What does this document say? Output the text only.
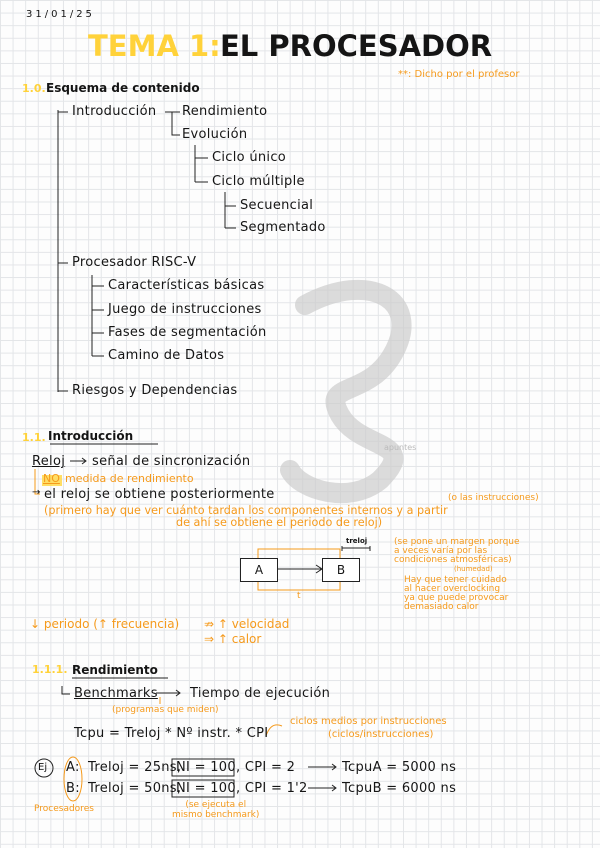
31/01/25
TEMA 1: EL PROCESADOR
**: Dicho por el profesor
1.0. Esquema de contenido
Introducción Rendimiento
Evolución
Ciclo único
Ciclo múltiple
Secuencial
Segmentado
Procesador RISC-V
Características básicas
Juego de instrucciones
Fases de segmentación
Camino de Datos
Riesgos y Dependencias
apuntes
1.1. Introducción
Reloj señal de sincronización
NO medida de rendimiento
→ el reloj se obtiene posteriormente	(o las instrucciones)
(primero hay que ver cuánto tardan los componentes internos y a partir
de ahí se obtiene el periodo de reloj)
A	B
treloj
t
(se pone un margen porque
a veces varía por las
condiciones atmosféricas)
(humedad)
Hay que tener cuidado
al hacer overclocking
ya que puede provocar
demasiado calor
↓ periodo (↑ frecuencia) ⇏ ↑ velocidad
⇒ ↑ calor
1.1.1. Rendimiento
Benchmarks Tiempo de ejecución
(programas que miden)
ciclos medios por instrucciones
(ciclos/instrucciones)
Tcpu = Treloj * Nº instr. * CPI
Ej A: Treloj = 25ns,
NI = 100 , CPI = 2	TcpuA = 5000 ns
B: Treloj = 50ns,
NI = 100 , CPI = 1'2	TcpuB = 6000 ns
Procesadores	(se ejecuta el
mismo benchmark)
